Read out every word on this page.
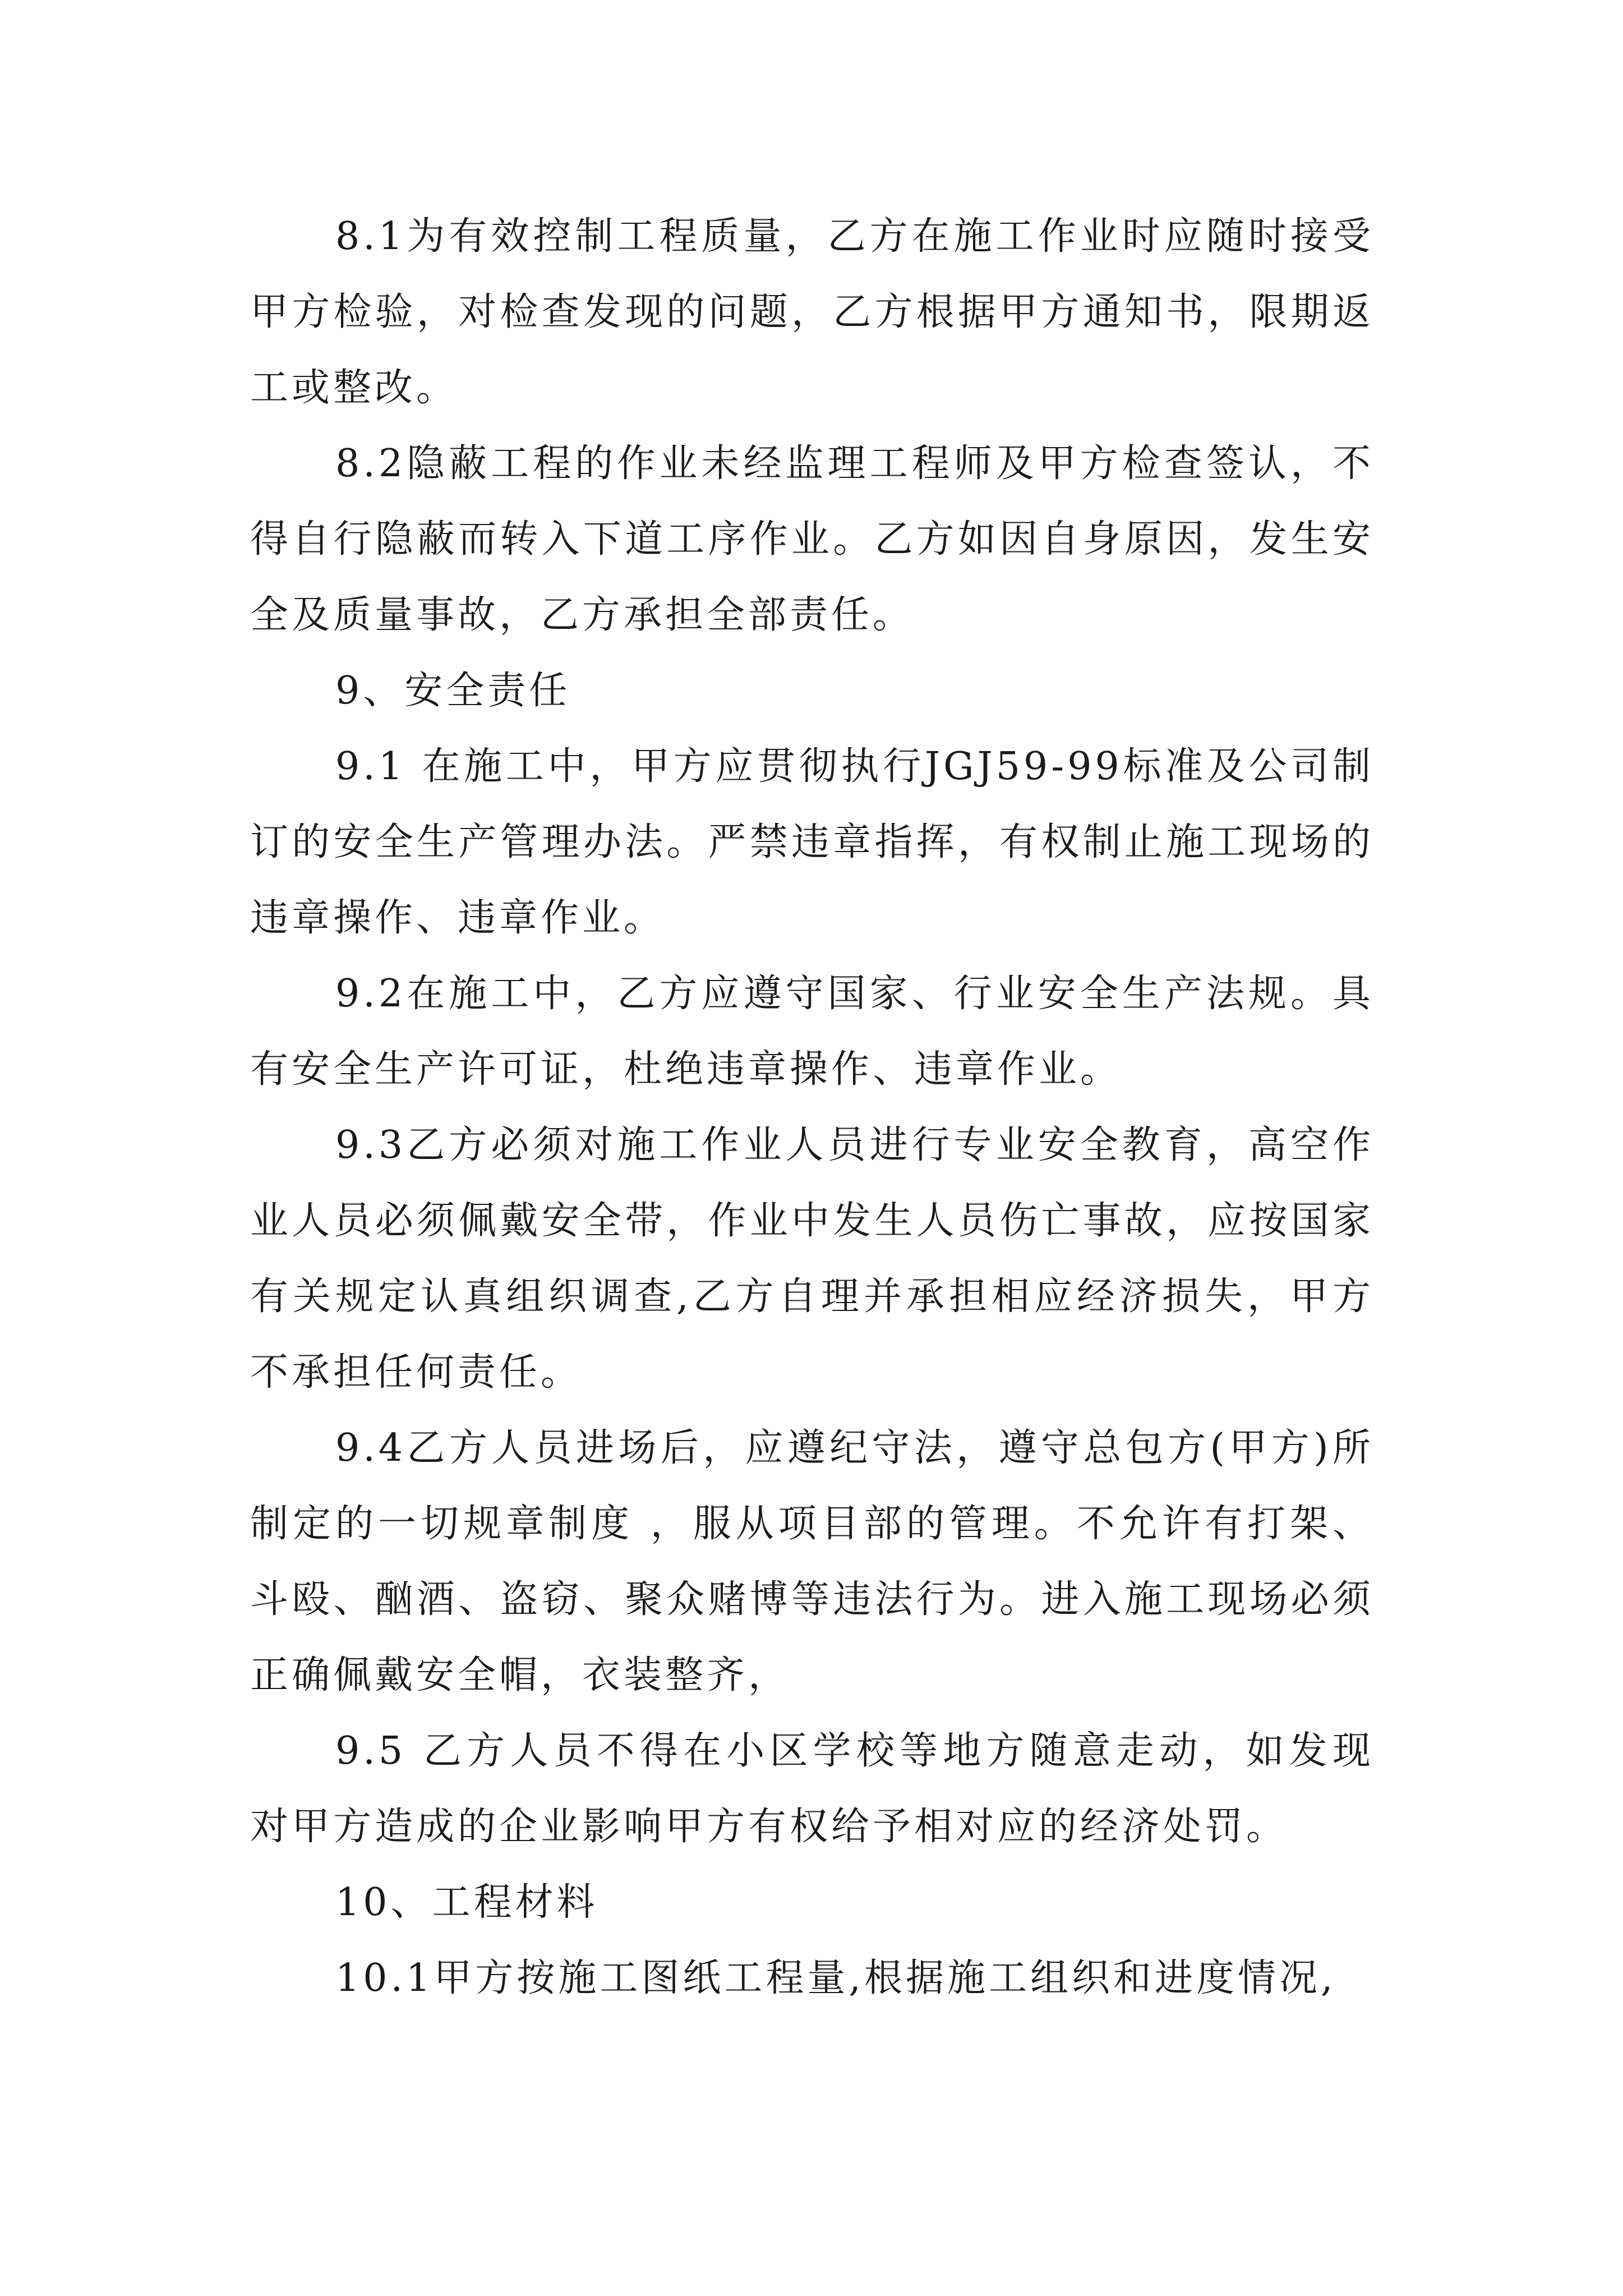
8.1为有效控制工程质量，乙方在施工作业时应随时接受甲方检验，对检查发现的问题，乙方根据甲方通知书，限期返工或整改。

8.2隐蔽工程的作业未经监理工程师及甲方检查签认，不得自行隐蔽而转入下道工序作业。乙方如因自身原因，发生安全及质量事故，乙方承担全部责任。

9、安全责任

9.1 在施工中，甲方应贯彻执行JGJ59-99标准及公司制订的安全生产管理办法。严禁违章指挥，有权制止施工现场的违章操作、违章作业。

9.2在施工中，乙方应遵守国家、行业安全生产法规。具有安全生产许可证，杜绝违章操作、违章作业。

9.3乙方必须对施工作业人员进行专业安全教育，高空作业人员必须佩戴安全带，作业中发生人员伤亡事故，应按国家有关规定认真组织调查,乙方自理并承担相应经济损失，甲方不承担任何责任。

9.4乙方人员进场后，应遵纪守法，遵守总包方(甲方)所制定的一切规章制度 ，服从项目部的管理。不允许有打架、斗殴、酗酒、盗窃、聚众赌博等违法行为。进入施工现场必须正确佩戴安全帽，衣装整齐，

9.5 乙方人员不得在小区学校等地方随意走动，如发现对甲方造成的企业影响甲方有权给予相对应的经济处罚。

10、工程材料

10.1甲方按施工图纸工程量,根据施工组织和进度情况,
